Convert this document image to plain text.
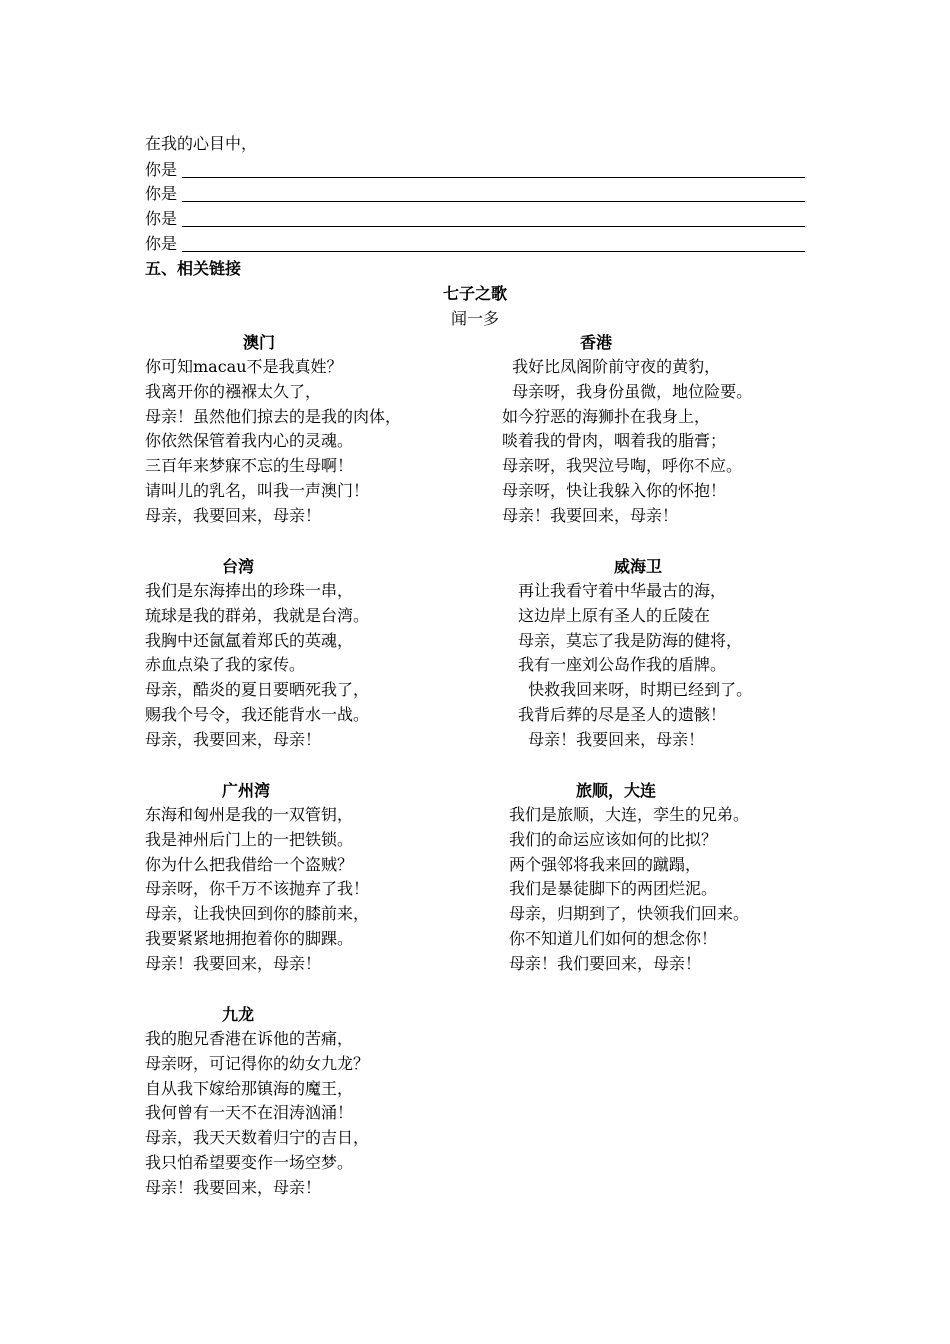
在我的心目中，
你是
你是
你是
你是
五、相关链接
七子之歌
闻一多
澳门
你可知macau不是我真姓？
我离开你的襁褓太久了，
母亲！虽然他们掠去的是我的肉体，
你依然保管着我内心的灵魂。
三百年来梦寐不忘的生母啊！
请叫儿的乳名，叫我一声澳门！
母亲，我要回来，母亲！
香港
我好比凤阁阶前守夜的黄豹，
母亲呀，我身份虽微，地位险要。
如今狞恶的海狮扑在我身上，
啖着我的骨肉，咽着我的脂膏；
母亲呀，我哭泣号啕，呼你不应。
母亲呀，快让我躲入你的怀抱！
母亲！我要回来，母亲！
台湾
我们是东海捧出的珍珠一串，
琉球是我的群弟，我就是台湾。
我胸中还氤氲着郑氏的英魂，
赤血点染了我的家传。
母亲，酷炎的夏日要晒死我了，
赐我个号令，我还能背水一战。
母亲，我要回来，母亲！
威海卫
再让我看守着中华最古的海，
这边岸上原有圣人的丘陵在
母亲，莫忘了我是防海的健将，
我有一座刘公岛作我的盾牌。
快救我回来呀，时期已经到了。
我背后葬的尽是圣人的遗骸！
母亲！我要回来，母亲！
广州湾
东海和匈州是我的一双管钥，
我是神州后门上的一把铁锁。
你为什么把我借给一个盗贼？
母亲呀，你千万不该抛弃了我！
母亲，让我快回到你的膝前来，
我要紧紧地拥抱着你的脚踝。
母亲！我要回来，母亲！
旅顺，大连
我们是旅顺，大连，孪生的兄弟。
我们的命运应该如何的比拟？
两个强邻将我来回的蹴蹋，
我们是暴徒脚下的两团烂泥。
母亲，归期到了，快领我们回来。
你不知道儿们如何的想念你！
母亲！我们要回来，母亲！
九龙
我的胞兄香港在诉他的苦痛，
母亲呀，可记得你的幼女九龙？
自从我下嫁给那镇海的魔王，
我何曾有一天不在泪涛汹涌！
母亲，我天天数着归宁的吉日，
我只怕希望要变作一场空梦。
母亲！我要回来，母亲！
